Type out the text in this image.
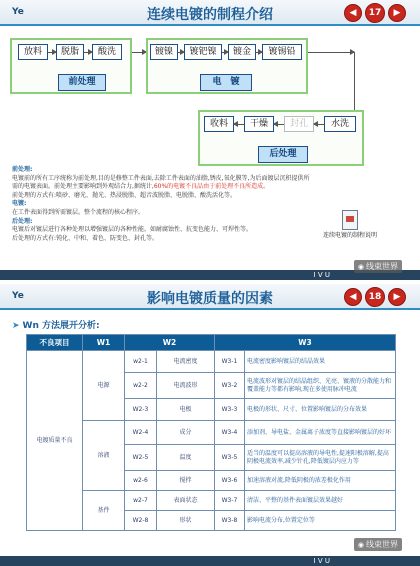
Ye	连续电镀的制程介绍	◀	17	▶
放料	脱脂	酸洗
前处理
镀镍	镀钯镍	镀金	镀锡铅
电　镀
收料	干燥	封孔	水洗
后处理
前处理:
电镀前的所有工序统称为前处理,目的是修整工件表面,去除工件表面的油脂,锈皮,氧化膜等,为后面镀层沉积提供所需的电镀表面。前处理主要影响到外观结合力,据统计,60%的电镀不良品由于前处理不良所造成。
前处理的方式有:喷砂、磨光、抛光、热浸脱脂、超音波脱脂、电脱脂、酸洗活化等。
电镀:
在工件表面得到所需镀层。整个流程的核心程序。
后处理:
电镀后对镀层进行各种处理以增强镀层的各种性能。如耐腐蚀性、抗变色能力、可焊性等。
后处理的方式有:钝化、中和、着色、防变色、封孔等。	连续电镀的制程说明
I V U
◉ 线束世界
Ye	影响电镀质量的因素	◀	18	▶
➤ Wn 方法展开分析:
不良项目	W1	W2		W3	
电镀质量不良	电源	w2-1	电流密度	W3-1	电流密度影响镀层的结晶效果
		w2-2	电流波形	W3-2	电流波形对镀层的结晶组织、光亮、镀液的分散能力和覆盖能力等都有影响,现在多使用脉冲电流
		W2-3	电极	W3-3	电极的形状、尺寸、位置影响镀层的分布效果
	溶液	W2-4	成分	W3-4	添加剂、导电盐、金属离子浓度等直接影响镀层的好坏
		W2-5	温度	W3-5	适当的温度可以提高溶液的导电性,提速阳极溶解,提高阴极电流效率,减少针孔,降低镀层内应力等
		w2-6	搅拌	W3-6	加速溶液对流,降低阴极的浓差极化作用
	基件	w2-7	表面状态	W3-7	清洁、平整的基件表面镀层效果越好
		W2-8	形状	W3-8	影响电流分布,位置定位等
I V U
◉ 线束世界
